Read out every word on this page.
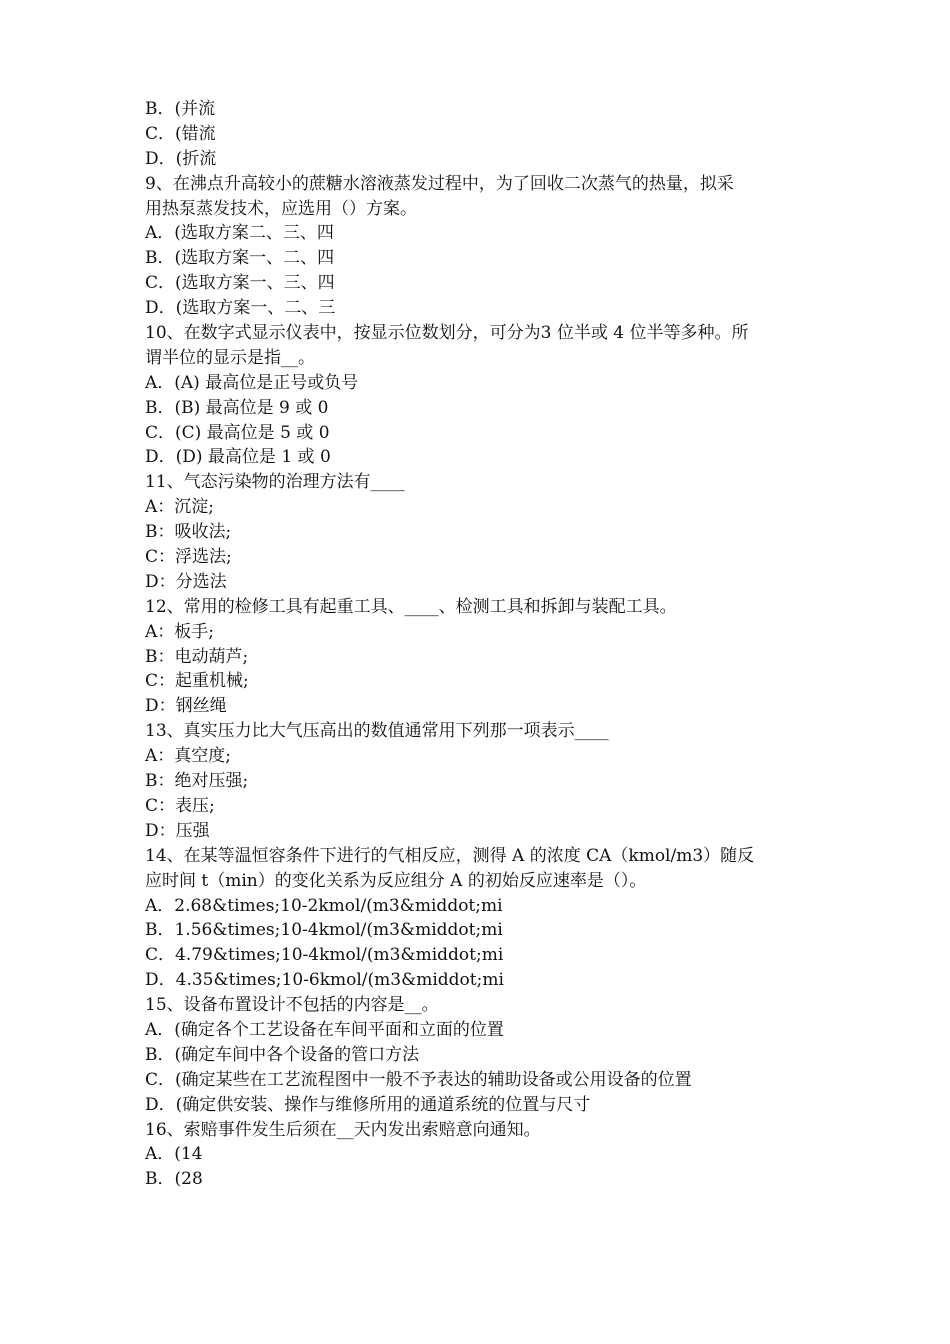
B．(并流
C．(错流
D．(折流
9、在沸点升高较小的蔗糖水溶液蒸发过程中，为了回收二次蒸气的热量，拟采
用热泵蒸发技术，应选用（）方案。
A．(选取方案二、三、四
B．(选取方案一、二、四
C．(选取方案一、三、四
D．(选取方案一、二、三
10、在数字式显示仪表中，按显示位数划分，可分为3 位半或 4 位半等多种。所
谓半位的显示是指__。
A．(A) 最高位是正号或负号
B．(B) 最高位是 9 或 0
C．(C) 最高位是 5 或 0
D．(D) 最高位是 1 或 0
11、气态污染物的治理方法有____
A：沉淀;
B：吸收法;
C：浮选法;
D：分选法
12、常用的检修工具有起重工具、____、检测工具和拆卸与装配工具。
A：板手;
B：电动葫芦;
C：起重机械;
D：钢丝绳
13、真实压力比大气压高出的数值通常用下列那一项表示____
A：真空度;
B：绝对压强;
C：表压;
D：压强
14、在某等温恒容条件下进行的气相反应，测得 A 的浓度 CA（kmol/m3）随反
应时间 t（min）的变化关系为反应组分 A 的初始反应速率是（）。
A．2.68&times;10-2kmol/(m3&middot;mi
B．1.56&times;10-4kmol/(m3&middot;mi
C．4.79&times;10-4kmol/(m3&middot;mi
D．4.35&times;10-6kmol/(m3&middot;mi
15、设备布置设计不包括的内容是__。
A．(确定各个工艺设备在车间平面和立面的位置
B．(确定车间中各个设备的管口方法
C．(确定某些在工艺流程图中一般不予表达的辅助设备或公用设备的位置
D．(确定供安装、操作与维修所用的通道系统的位置与尺寸
16、索赔事件发生后须在__天内发出索赔意向通知。
A．(14
B．(28
